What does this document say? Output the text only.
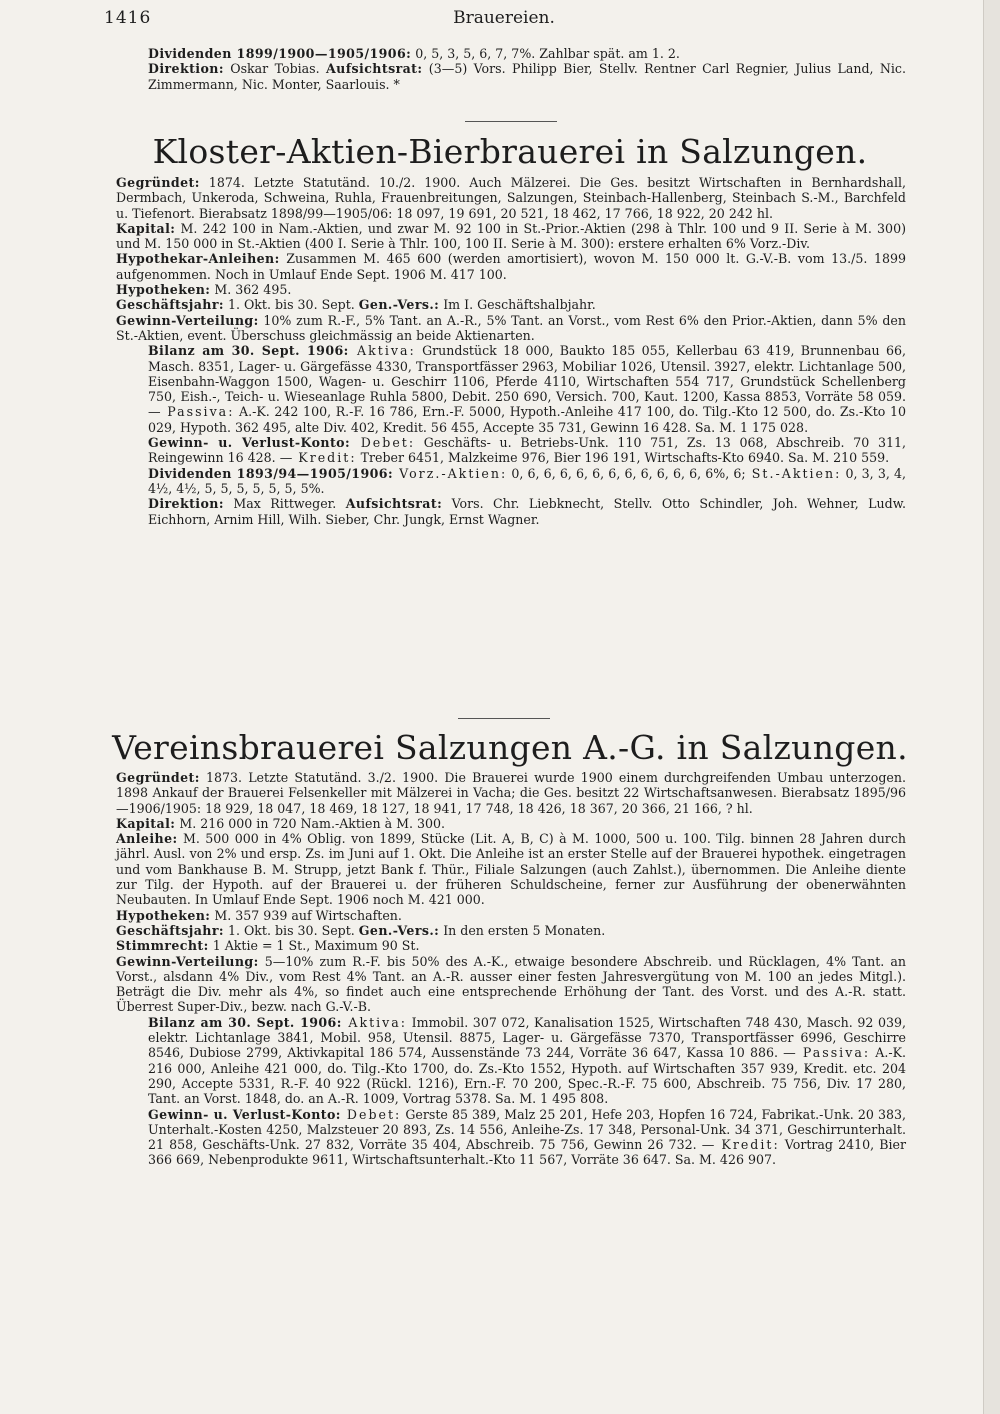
1416	Brauereien.

Dividenden 1899/1900—1905/1906: 0, 5, 3, 5, 6, 7, 7%. Zahlbar spät. am 1. 2.

Direktion: Oskar Tobias. Aufsichtsrat: (3—5) Vors. Philipp Bier, Stellv. Rentner Carl Regnier, Julius Land, Nic. Zimmermann, Nic. Monter, Saarlouis. *

Kloster-Aktien-Bierbrauerei in Salzungen.

Gegründet: 1874. Letzte Statutänd. 10./2. 1900. Auch Mälzerei. Die Ges. besitzt Wirtschaften in Bernhardshall, Dermbach, Unkeroda, Schweina, Ruhla, Frauenbreitungen, Salzungen, Steinbach-Hallenberg, Steinbach S.-M., Barchfeld u. Tiefenort. Bierabsatz 1898/99—1905/06: 18 097, 19 691, 20 521, 18 462, 17 766, 18 922, 20 242 hl.

Kapital: M. 242 100 in Nam.-Aktien, und zwar M. 92 100 in St.-Prior.-Aktien (298 à Thlr. 100 und 9 II. Serie à M. 300) und M. 150 000 in St.-Aktien (400 I. Serie à Thlr. 100, 100 II. Serie à M. 300): erstere erhalten 6% Vorz.-Div.

Hypothekar-Anleihen: Zusammen M. 465 600 (werden amortisiert), wovon M. 150 000 lt. G.-V.-B. vom 13./5. 1899 aufgenommen. Noch in Umlauf Ende Sept. 1906 M. 417 100.

Hypotheken: M. 362 495.

Geschäftsjahr: 1. Okt. bis 30. Sept. Gen.-Vers.: Im I. Geschäftshalbjahr.

Gewinn-Verteilung: 10% zum R.-F., 5% Tant. an A.-R., 5% Tant. an Vorst., vom Rest 6% den Prior.-Aktien, dann 5% den St.-Aktien, event. Überschuss gleichmässig an beide Aktienarten.

Bilanz am 30. Sept. 1906: Aktiva: Grundstück 18 000, Baukto 185 055, Kellerbau 63 419, Brunnenbau 66, Masch. 8351, Lager- u. Gärgefässe 4330, Transportfässer 2963, Mobiliar 1026, Utensil. 3927, elektr. Lichtanlage 500, Eisenbahn-Waggon 1500, Wagen- u. Geschirr 1106, Pferde 4110, Wirtschaften 554 717, Grundstück Schellenberg 750, Eish.-, Teich- u. Wieseanlage Ruhla 5800, Debit. 250 690, Versich. 700, Kaut. 1200, Kassa 8853, Vorräte 58 059. — Passiva: A.-K. 242 100, R.-F. 16 786, Ern.-F. 5000, Hypoth.-Anleihe 417 100, do. Tilg.-Kto 12 500, do. Zs.-Kto 10 029, Hypoth. 362 495, alte Div. 402, Kredit. 56 455, Accepte 35 731, Gewinn 16 428. Sa. M. 1 175 028.

Gewinn- u. Verlust-Konto: Debet: Geschäfts- u. Betriebs-Unk. 110 751, Zs. 13 068, Abschreib. 70 311, Reingewinn 16 428. — Kredit: Treber 6451, Malzkeime 976, Bier 196 191, Wirtschafts-Kto 6940. Sa. M. 210 559.

Dividenden 1893/94—1905/1906: Vorz.-Aktien: 0, 6, 6, 6, 6, 6, 6, 6, 6, 6, 6, 6, 6%, 6; St.-Aktien: 0, 3, 3, 4, 4½, 4½, 5, 5, 5, 5, 5, 5, 5%.

Direktion: Max Rittweger. Aufsichtsrat: Vors. Chr. Liebknecht, Stellv. Otto Schindler, Joh. Wehner, Ludw. Eichhorn, Arnim Hill, Wilh. Sieber, Chr. Jungk, Ernst Wagner.

Vereinsbrauerei Salzungen A.-G. in Salzungen.

Gegründet: 1873. Letzte Statutänd. 3./2. 1900. Die Brauerei wurde 1900 einem durchgreifenden Umbau unterzogen. 1898 Ankauf der Brauerei Felsenkeller mit Mälzerei in Vacha; die Ges. besitzt 22 Wirtschaftsanwesen. Bierabsatz 1895/96—1906/1905: 18 929, 18 047, 18 469, 18 127, 18 941, 17 748, 18 426, 18 367, 20 366, 21 166, ? hl.

Kapital: M. 216 000 in 720 Nam.-Aktien à M. 300.

Anleihe: M. 500 000 in 4% Oblig. von 1899, Stücke (Lit. A, B, C) à M. 1000, 500 u. 100. Tilg. binnen 28 Jahren durch jährl. Ausl. von 2% und ersp. Zs. im Juni auf 1. Okt. Die Anleihe ist an erster Stelle auf der Brauerei hypothek. eingetragen und vom Bankhause B. M. Strupp, jetzt Bank f. Thür., Filiale Salzungen (auch Zahlst.), übernommen. Die Anleihe diente zur Tilg. der Hypoth. auf der Brauerei u. der früheren Schuldscheine, ferner zur Ausführung der obenerwähnten Neubauten. In Umlauf Ende Sept. 1906 noch M. 421 000.

Hypotheken: M. 357 939 auf Wirtschaften.

Geschäftsjahr: 1. Okt. bis 30. Sept. Gen.-Vers.: In den ersten 5 Monaten.

Stimmrecht: 1 Aktie = 1 St., Maximum 90 St.

Gewinn-Verteilung: 5—10% zum R.-F. bis 50% des A.-K., etwaige besondere Abschreib. und Rücklagen, 4% Tant. an Vorst., alsdann 4% Div., vom Rest 4% Tant. an A.-R. ausser einer festen Jahresvergütung von M. 100 an jedes Mitgl.). Beträgt die Div. mehr als 4%, so findet auch eine entsprechende Erhöhung der Tant. des Vorst. und des A.-R. statt. Überrest Super-Div., bezw. nach G.-V.-B.

Bilanz am 30. Sept. 1906: Aktiva: Immobil. 307 072, Kanalisation 1525, Wirtschaften 748 430, Masch. 92 039, elektr. Lichtanlage 3841, Mobil. 958, Utensil. 8875, Lager- u. Gärgefässe 7370, Transportfässer 6996, Geschirre 8546, Dubiose 2799, Aktivkapital 186 574, Aussenstände 73 244, Vorräte 36 647, Kassa 10 886. — Passiva: A.-K. 216 000, Anleihe 421 000, do. Tilg.-Kto 1700, do. Zs.-Kto 1552, Hypoth. auf Wirtschaften 357 939, Kredit. etc. 204 290, Accepte 5331, R.-F. 40 922 (Rückl. 1216), Ern.-F. 70 200, Spec.-R.-F. 75 600, Abschreib. 75 756, Div. 17 280, Tant. an Vorst. 1848, do. an A.-R. 1009, Vortrag 5378. Sa. M. 1 495 808.

Gewinn- u. Verlust-Konto: Debet: Gerste 85 389, Malz 25 201, Hefe 203, Hopfen 16 724, Fabrikat.-Unk. 20 383, Unterhalt.-Kosten 4250, Malzsteuer 20 893, Zs. 14 556, Anleihe-Zs. 17 348, Personal-Unk. 34 371, Geschirrunterhalt. 21 858, Geschäfts-Unk. 27 832, Vorräte 35 404, Abschreib. 75 756, Gewinn 26 732. — Kredit: Vortrag 2410, Bier 366 669, Nebenprodukte 9611, Wirtschaftsunterhalt.-Kto 11 567, Vorräte 36 647. Sa. M. 426 907.
